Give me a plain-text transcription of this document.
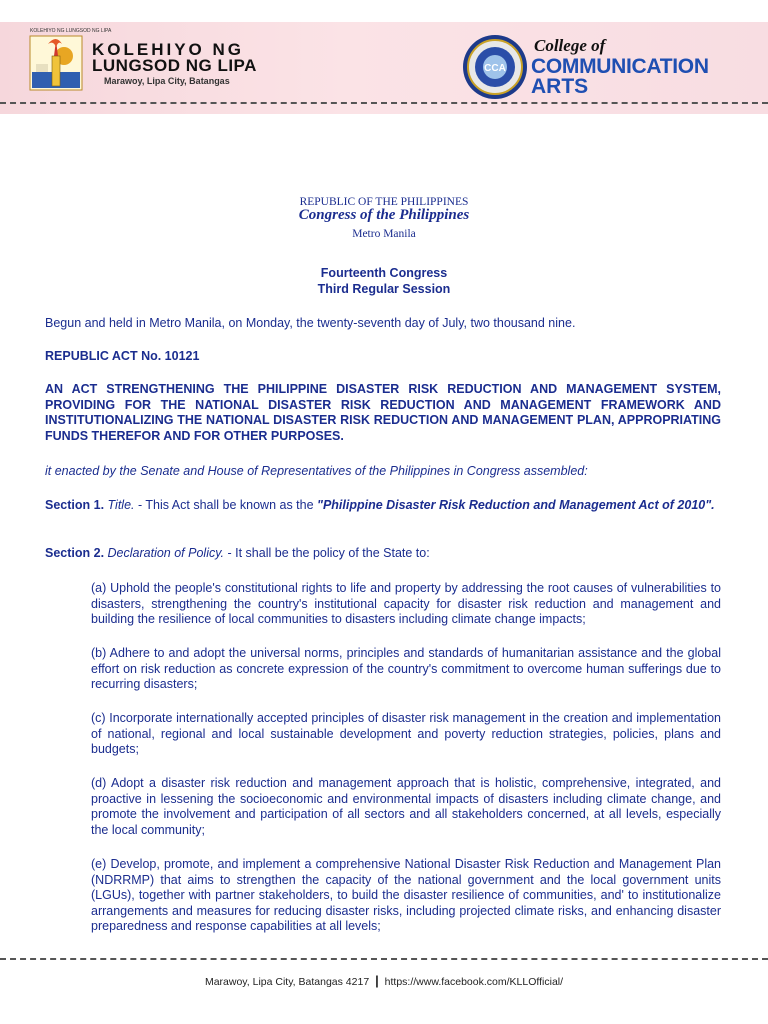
KOLEHIYO NG LUNGSOD NG LIPA
KOLEHIYO NG
LUNGSOD NG LIPA
Marawoy, Lipa City, Batangas
CCA
College of
COMMUNICATION
ARTS
REPUBLIC OF THE PHILIPPINES
Congress of the Philippines
Metro Manila
Fourteenth Congress
Third Regular Session
Begun and held in Metro Manila, on Monday, the twenty-seventh day of July, two thousand nine.
REPUBLIC ACT No. 10121
AN ACT STRENGTHENING THE PHILIPPINE DISASTER RISK REDUCTION AND MANAGEMENT SYSTEM, PROVIDING FOR THE NATIONAL DISASTER RISK REDUCTION AND MANAGEMENT FRAMEWORK AND INSTITUTIONALIZING THE NATIONAL DISASTER RISK REDUCTION AND MANAGEMENT PLAN, APPROPRIATING FUNDS THEREFOR AND FOR OTHER PURPOSES.
it enacted by the Senate and House of Representatives of the Philippines in Congress assembled:
Section 1. Title. - This Act shall be known as the "Philippine Disaster Risk Reduction and Management Act of 2010".
Section 2. Declaration of Policy. - It shall be the policy of the State to:
(a) Uphold the people's constitutional rights to life and property by addressing the root causes of vulnerabilities to disasters, strengthening the country's institutional capacity for disaster risk reduction and management and building the resilience of local communities to disasters including climate change impacts;
(b) Adhere to and adopt the universal norms, principles and standards of humanitarian assistance and the global effort on risk reduction as concrete expression of the country's commitment to overcome human sufferings due to recurring disasters;
(c) Incorporate internationally accepted principles of disaster risk management in the creation and implementation of national, regional and local sustainable development and poverty reduction strategies, policies, plans and budgets;
(d) Adopt a disaster risk reduction and management approach that is holistic, comprehensive, integrated, and proactive in lessening the socioeconomic and environmental impacts of disasters including climate change, and promote the involvement and participation of all sectors and all stakeholders concerned, at all levels, especially the local community;
(e) Develop, promote, and implement a comprehensive National Disaster Risk Reduction and Management Plan (NDRRMP) that aims to strengthen the capacity of the national government and the local government units (LGUs), together with partner stakeholders, to build the disaster resilience of communities, and' to institutionalize arrangements and measures for reducing disaster risks, including projected climate risks, and enhancing disaster preparedness and response capabilities at all levels;
Marawoy, Lipa City, Batangas 4217 | https://www.facebook.com/KLLOfficial/
